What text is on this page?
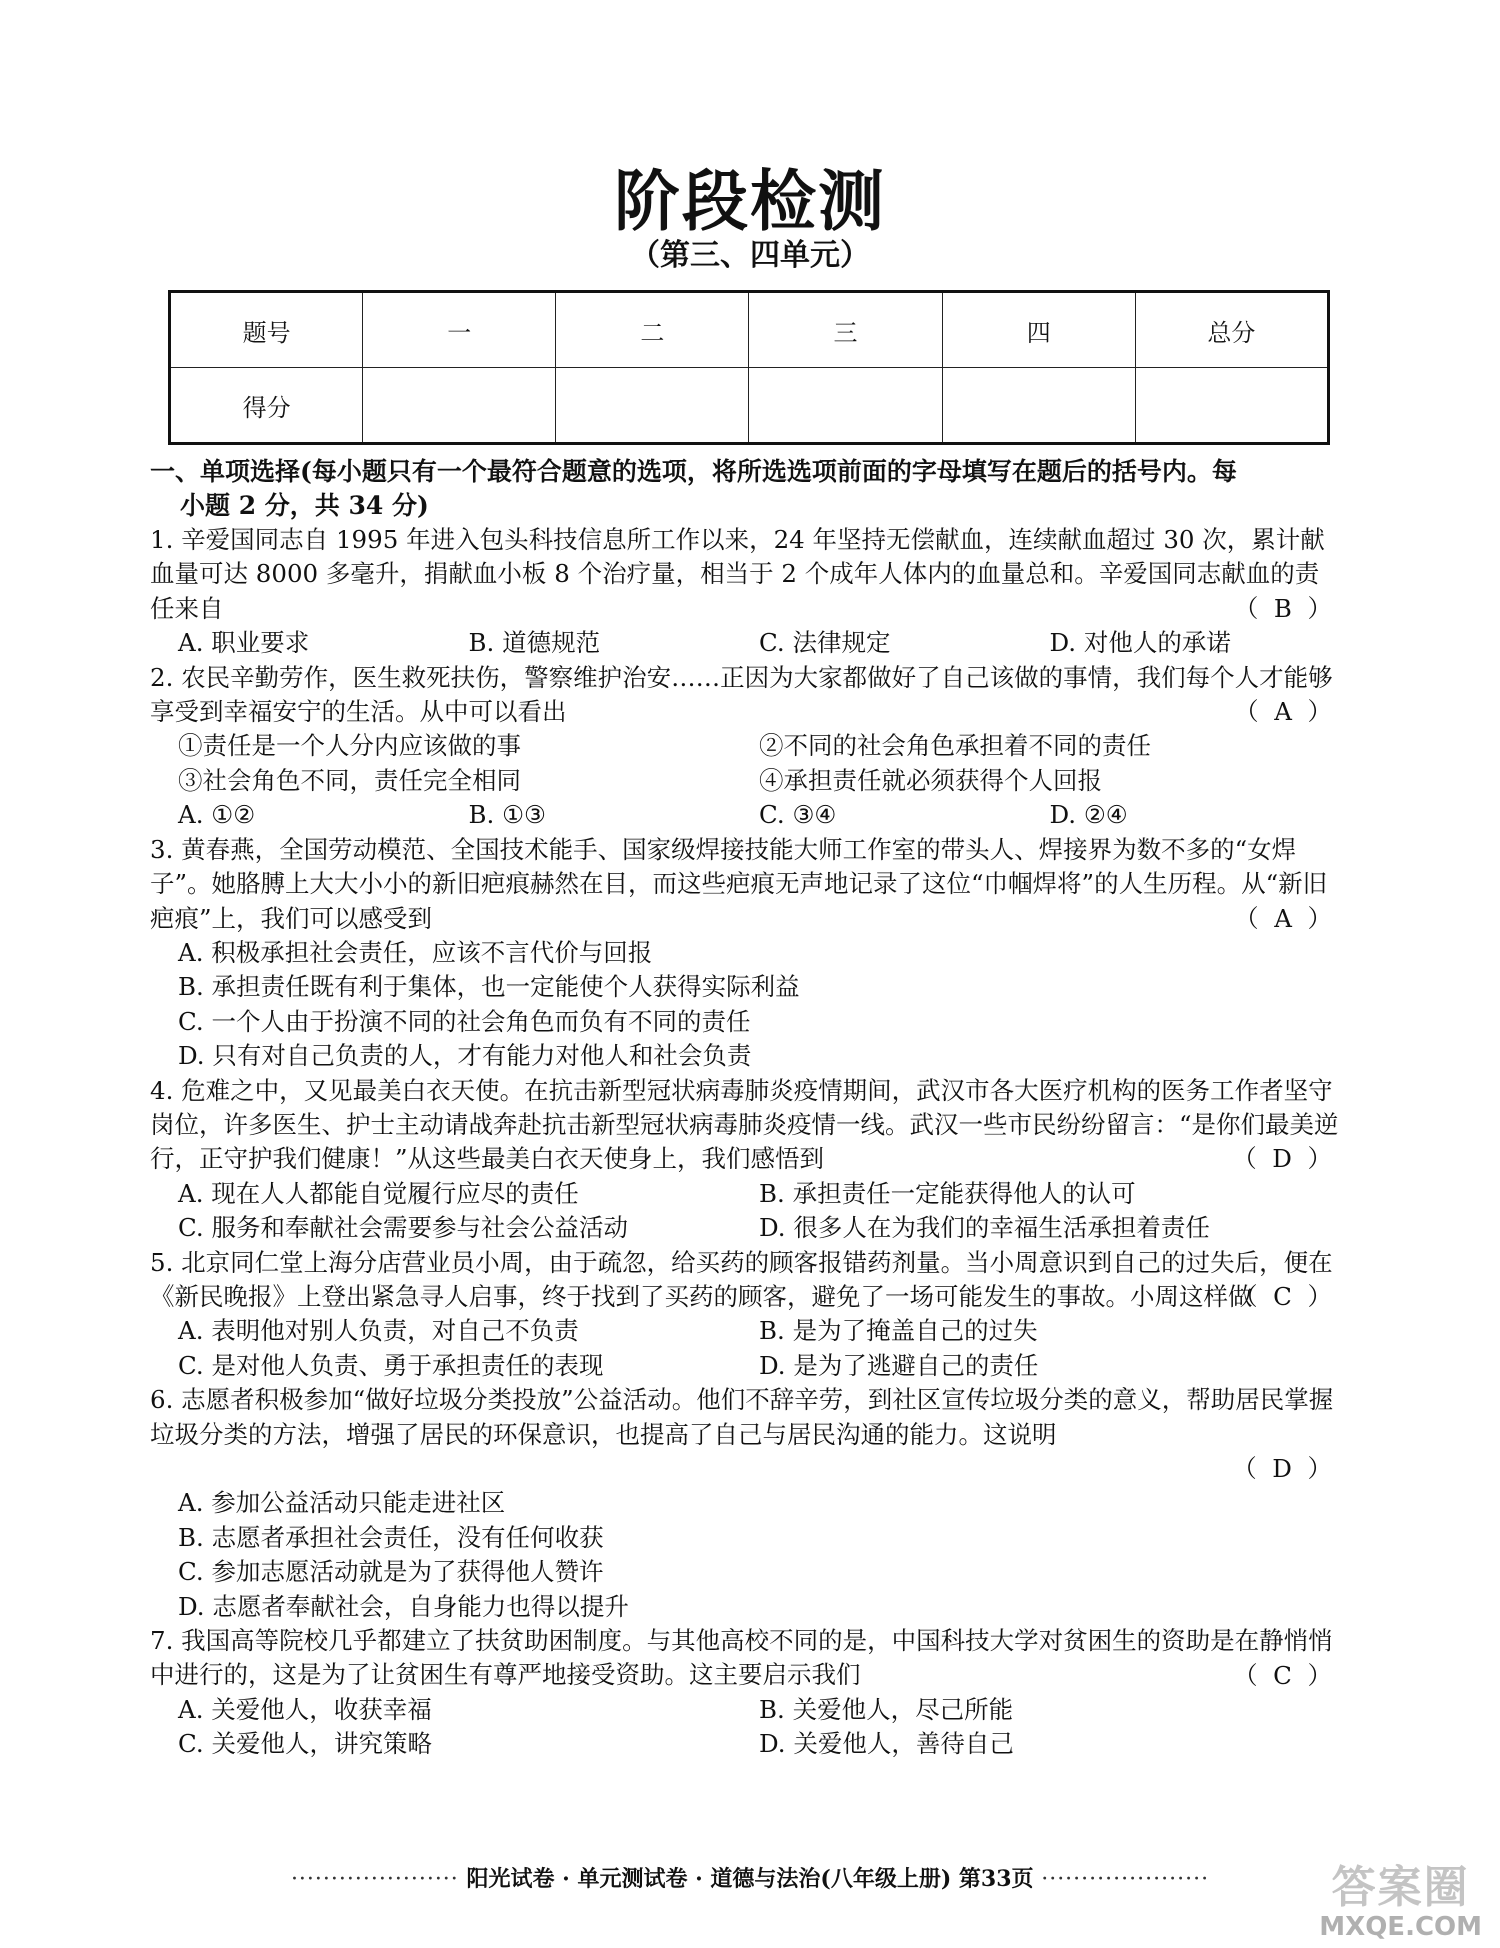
阶段检测
（第三、四单元）
题号	一	二	三	四	总分
得分					
一、单项选择(每小题只有一个最符合题意的选项，将所选选项前面的字母填写在题后的括号内。每
小题 2 分，共 34 分)
1. 辛爱国同志自 1995 年进入包头科技信息所工作以来，24 年坚持无偿献血，连续献血超过 30 次，累计献血量可达 8000 多毫升，捐献血小板 8 个治疗量，相当于 2 个成年人体内的血量总和。辛爱国同志献血的责任来自	（  B  ）
A. 职业要求	B. 道德规范	C. 法律规定	D. 对他人的承诺
2. 农民辛勤劳作，医生救死扶伤，警察维护治安……正因为大家都做好了自己该做的事情，我们每个人才能够享受到幸福安宁的生活。从中可以看出	（  A  ）
①责任是一个人分内应该做的事	②不同的社会角色承担着不同的责任
③社会角色不同，责任完全相同	④承担责任就必须获得个人回报
A. ①②	B. ①③	C. ③④	D. ②④
3. 黄春燕，全国劳动模范、全国技术能手、国家级焊接技能大师工作室的带头人、焊接界为数不多的“女焊子”。她胳膊上大大小小的新旧疤痕赫然在目，而这些疤痕无声地记录了这位“巾帼焊将”的人生历程。从“新旧疤痕”上，我们可以感受到	（  A  ）
A. 积极承担社会责任，应该不言代价与回报
B. 承担责任既有利于集体，也一定能使个人获得实际利益
C. 一个人由于扮演不同的社会角色而负有不同的责任
D. 只有对自己负责的人，才有能力对他人和社会负责
4. 危难之中，又见最美白衣天使。在抗击新型冠状病毒肺炎疫情期间，武汉市各大医疗机构的医务工作者坚守岗位，许多医生、护士主动请战奔赴抗击新型冠状病毒肺炎疫情一线。武汉一些市民纷纷留言：“是你们最美逆行，正守护我们健康！”从这些最美白衣天使身上，我们感悟到	（  D  ）
A. 现在人人都能自觉履行应尽的责任	B. 承担责任一定能获得他人的认可
C. 服务和奉献社会需要参与社会公益活动	D. 很多人在为我们的幸福生活承担着责任
5. 北京同仁堂上海分店营业员小周，由于疏忽，给买药的顾客报错药剂量。当小周意识到自己的过失后，便在《新民晚报》上登出紧急寻人启事，终于找到了买药的顾客，避免了一场可能发生的事故。小周这样做
（  C  ）
A. 表明他对别人负责，对自己不负责	B. 是为了掩盖自己的过失
C. 是对他人负责、勇于承担责任的表现	D. 是为了逃避自己的责任
6. 志愿者积极参加“做好垃圾分类投放”公益活动。他们不辞辛劳，到社区宣传垃圾分类的意义，帮助居民掌握垃圾分类的方法，增强了居民的环保意识，也提高了自己与居民沟通的能力。这说明
（  D  ）
A. 参加公益活动只能走进社区
B. 志愿者承担社会责任，没有任何收获
C. 参加志愿活动就是为了获得他人赞许
D. 志愿者奉献社会，自身能力也得以提升
7. 我国高等院校几乎都建立了扶贫助困制度。与其他高校不同的是，中国科技大学对贫困生的资助是在静悄悄中进行的，这是为了让贫困生有尊严地接受资助。这主要启示我们	（  C  ）
A. 关爱他人，收获幸福	B. 关爱他人，尽己所能
C. 关爱他人，讲究策略	D. 关爱他人，善待自己
····················· 阳光试卷 · 单元测试卷 · 道德与法治(八年级上册) 第33页 ·····················	答案圈
MXQE.COM
